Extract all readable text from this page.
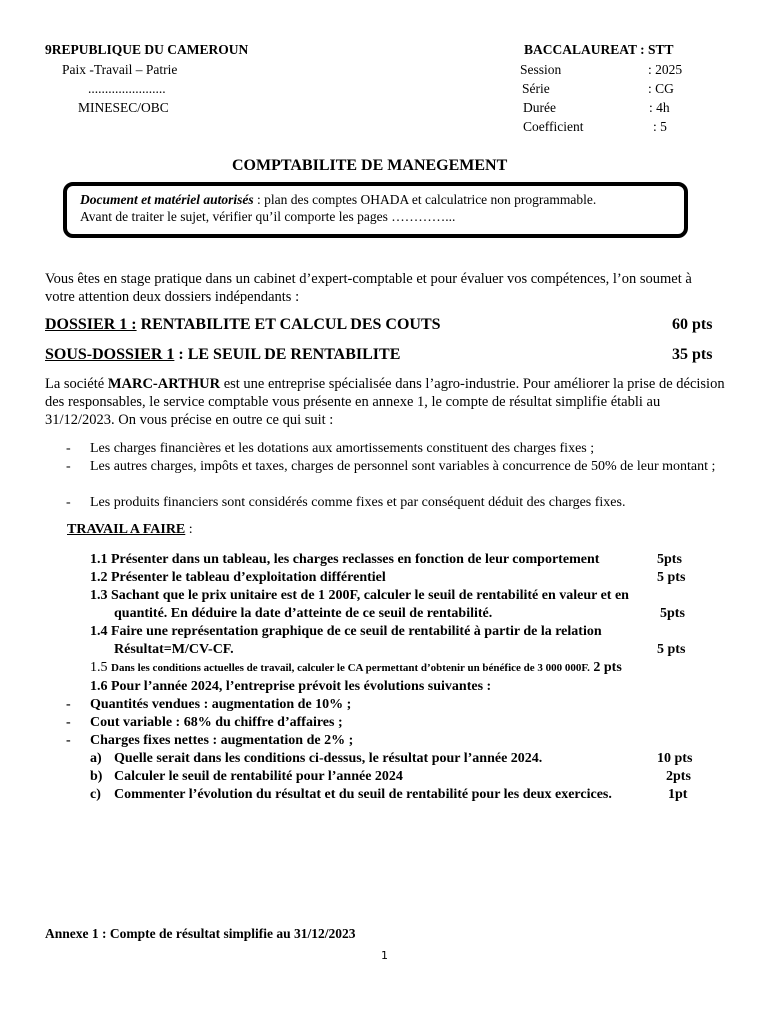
9REPUBLIQUE DU CAMEROUN
Paix -Travail – Patrie
.......................
MINESEC/OBC
BACCALAUREAT : STT
Session	: 2025
Série	: CG
Durée	: 4h
Coefficient	: 5
COMPTABILITE DE MANEGEMENT
Document et matériel autorisés : plan des comptes OHADA et calculatrice non programmable.
Avant de traiter le sujet, vérifier qu’il comporte les pages …………...
Vous êtes en stage pratique dans un cabinet d’expert-comptable et pour évaluer vos compétences, l’on soumet à votre attention deux dossiers indépendants :
DOSSIER 1 : RENTABILITE ET CALCUL DES COUTS	60 pts
SOUS-DOSSIER 1 : LE SEUIL DE RENTABILITE	35 pts
La société MARC-ARTHUR est une entreprise spécialisée dans l’agro-industrie. Pour améliorer la prise de décision des responsables, le service comptable vous présente en annexe 1, le compte de résultat simplifie établi au 31/12/2023. On vous précise en outre ce qui suit :
- Les charges financières et les dotations aux amortissements constituent des charges fixes ;
- Les autres charges, impôts et taxes, charges de personnel sont variables à concurrence de 50% de leur montant ;
- Les produits financiers sont considérés comme fixes et par conséquent déduit des charges fixes.
TRAVAIL A FAIRE :
1.1 Présenter dans un tableau, les charges reclasses en fonction de leur comportement	5pts
1.2 Présenter le tableau d’exploitation différentiel	5 pts
1.3 Sachant que le prix unitaire est de 1 200F, calculer le seuil de rentabilité en valeur et en
quantité. En déduire la date d’atteinte de ce seuil de rentabilité.	5pts
1.4 Faire une représentation graphique de ce seuil de rentabilité à partir de la relation
Résultat=M/CV-CF.	5 pts
1.5 Dans les conditions actuelles de travail, calculer le CA permettant d’obtenir un bénéfice de 3 000 000F. 2 pts
1.6 Pour l’année 2024, l’entreprise prévoit les évolutions suivantes :
- Quantités vendues : augmentation de 10% ;
- Cout variable : 68% du chiffre d’affaires ;
- Charges fixes nettes : augmentation de 2% ;
a) Quelle serait dans les conditions ci-dessus, le résultat pour l’année 2024.	10 pts
b) Calculer le seuil de rentabilité pour l’année 2024	2pts
c) Commenter l’évolution du résultat et du seuil de rentabilité pour les deux exercices.	1pt
Annexe 1 : Compte de résultat simplifie au 31/12/2023
1
